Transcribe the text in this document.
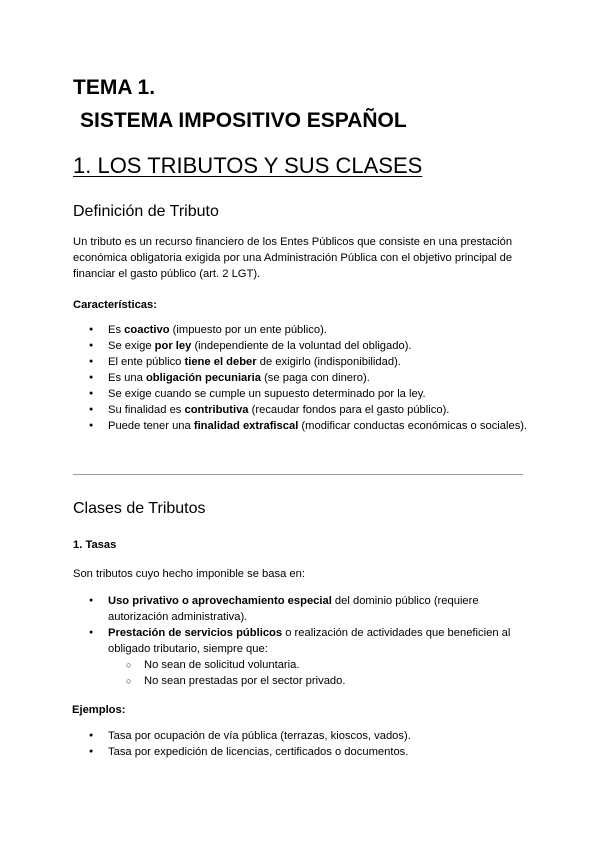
TEMA 1.
SISTEMA IMPOSITIVO ESPAÑOL
1. LOS TRIBUTOS Y SUS CLASES
Definición de Tributo

Un tributo es un recurso financiero de los Entes Públicos que consiste en una prestación económica obligatoria exigida por una Administración Pública con el objetivo principal de financiar el gasto público (art. 2 LGT).

Características:
● Es coactivo (impuesto por un ente público).
● Se exige por ley (independiente de la voluntad del obligado).
● El ente público tiene el deber de exigirlo (indisponibilidad).
● Es una obligación pecuniaria (se paga con dinero).
● Se exige cuando se cumple un supuesto determinado por la ley.
● Su finalidad es contributiva (recaudar fondos para el gasto público).
● Puede tener una finalidad extrafiscal (modificar conductas económicas o sociales).
Clases de Tributos
1. Tasas

Son tributos cuyo hecho imponible se basa en:

● Uso privativo o aprovechamiento especial del dominio público (requiere autorización administrativa).
● Prestación de servicios públicos o realización de actividades que beneficien al obligado tributario, siempre que:
○ No sean de solicitud voluntaria.
○ No sean prestadas por el sector privado.
Ejemplos:
● Tasa por ocupación de vía pública (terrazas, kioscos, vados).
● Tasa por expedición de licencias, certificados o documentos.
